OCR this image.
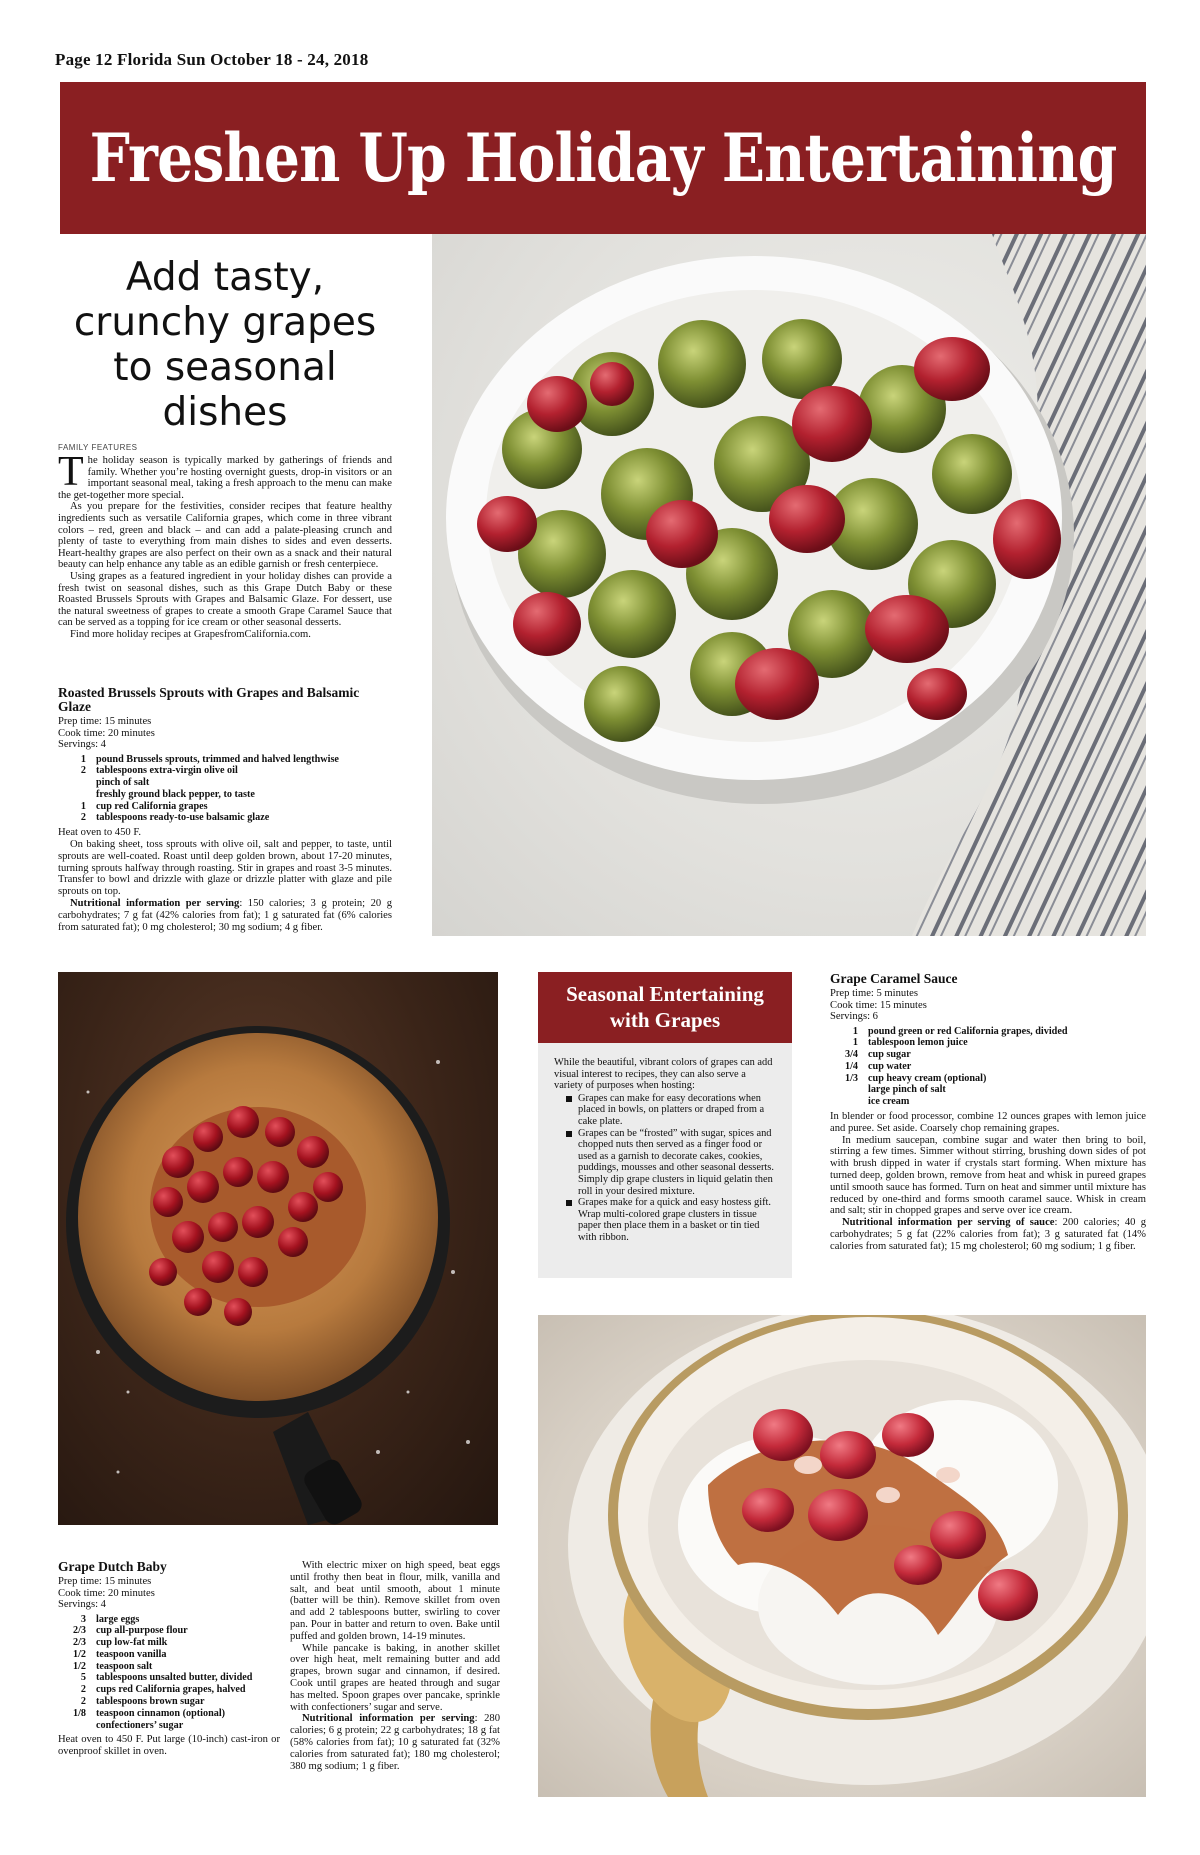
Page 12 Florida Sun October 18 - 24, 2018
Freshen Up Holiday Entertaining
Add tasty, crunchy grapes to seasonal dishes
FAMILY FEATURES

The holiday season is typically marked by gatherings of friends and family. Whether you’re hosting overnight guests, drop-in visitors or an important seasonal meal, taking a fresh approach to the menu can make the get-together more special.

As you prepare for the festivities, consider recipes that feature healthy ingredients such as versatile California grapes, which come in three vibrant colors – red, green and black – and can add a palate-pleasing crunch and plenty of taste to everything from main dishes to sides and even desserts. Heart-healthy grapes are also perfect on their own as a snack and their natural beauty can help enhance any table as an edible garnish or fresh centerpiece.

Using grapes as a featured ingredient in your holiday dishes can provide a fresh twist on seasonal dishes, such as this Grape Dutch Baby or these Roasted Brussels Sprouts with Grapes and Balsamic Glaze. For dessert, use the natural sweetness of grapes to create a smooth Grape Caramel Sauce that can be served as a topping for ice cream or other seasonal desserts.

Find more holiday recipes at GrapesfromCalifornia.com.

Roasted Brussels Sprouts with Grapes and Balsamic Glaze
Prep time: 15 minutes
Cook time: 20 minutes
Servings: 4
1 pound Brussels sprouts, trimmed and halved lengthwise
2 tablespoons extra-virgin olive oil
pinch of salt
freshly ground black pepper, to taste
1 cup red California grapes
2 tablespoons ready-to-use balsamic glaze

Heat oven to 450 F.

On baking sheet, toss sprouts with olive oil, salt and pepper, to taste, until sprouts are well-coated. Roast until deep golden brown, about 17-20 minutes, turning sprouts halfway through roasting. Stir in grapes and roast 3-5 minutes. Transfer to bowl and drizzle with glaze or drizzle platter with glaze and pile sprouts on top.

Nutritional information per serving: 150 calories; 3 g protein; 20 g carbohydrates; 7 g fat (42% calories from fat); 1 g saturated fat (6% calories from saturated fat); 0 mg cholesterol; 30 mg sodium; 4 g fiber.

Seasonal Entertaining with Grapes
While the beautiful, vibrant colors of grapes can add visual interest to recipes, they can also serve a variety of purposes when hosting:
Grapes can make for easy decorations when placed in bowls, on platters or draped from a cake plate.
Grapes can be “frosted” with sugar, spices and chopped nuts then served as a finger food or used as a garnish to decorate cakes, cookies, puddings, mousses and other seasonal desserts. Simply dip grape clusters in liquid gelatin then roll in your desired mixture.
Grapes make for a quick and easy hostess gift. Wrap multi-colored grape clusters in tissue paper then place them in a basket or tin tied with ribbon.
Grape Caramel Sauce
Prep time: 5 minutes
Cook time: 15 minutes
Servings: 6
1 pound green or red California grapes, divided
1 tablespoon lemon juice
3/4 cup sugar
1/4 cup water
1/3 cup heavy cream (optional)
large pinch of salt
ice cream

In blender or food processor, combine 12 ounces grapes with lemon juice and puree. Set aside. Coarsely chop remaining grapes.

In medium saucepan, combine sugar and water then bring to boil, stirring a few times. Simmer without stirring, brushing down sides of pot with brush dipped in water if crystals start forming. When mixture has turned deep, golden brown, remove from heat and whisk in pureed grapes until smooth sauce has formed. Turn on heat and simmer until mixture has reduced by one-third and forms smooth caramel sauce. Whisk in cream and salt; stir in chopped grapes and serve over ice cream.

Nutritional information per serving of sauce: 200 calories; 40 g carbohydrates; 5 g fat (22% calories from fat); 3 g saturated fat (14% calories from saturated fat); 15 mg cholesterol; 60 mg sodium; 1 g fiber.

Grape Dutch Baby
Prep time: 15 minutes
Cook time: 20 minutes
Servings: 4
3 large eggs
2/3 cup all-purpose flour
2/3 cup low-fat milk
1/2 teaspoon vanilla
1/2 teaspoon salt
5 tablespoons unsalted butter, divided
2 cups red California grapes, halved
2 tablespoons brown sugar
1/8 teaspoon cinnamon (optional) confectioners’ sugar

Heat oven to 450 F. Put large (10-inch) cast-iron or ovenproof skillet in oven.

With electric mixer on high speed, beat eggs until frothy then beat in flour, milk, vanilla and salt, and beat until smooth, about 1 minute (batter will be thin). Remove skillet from oven and add 2 tablespoons butter, swirling to cover pan. Pour in batter and return to oven. Bake until puffed and golden brown, 14-19 minutes.

While pancake is baking, in another skillet over high heat, melt remaining butter and add grapes, brown sugar and cinnamon, if desired. Cook until grapes are heated through and sugar has melted. Spoon grapes over pancake, sprinkle with confectioners’ sugar and serve.

Nutritional information per serving: 280 calories; 6 g protein; 22 g carbohydrates; 18 g fat (58% calories from fat); 10 g saturated fat (32% calories from saturated fat); 180 mg cholesterol; 380 mg sodium; 1 g fiber.
